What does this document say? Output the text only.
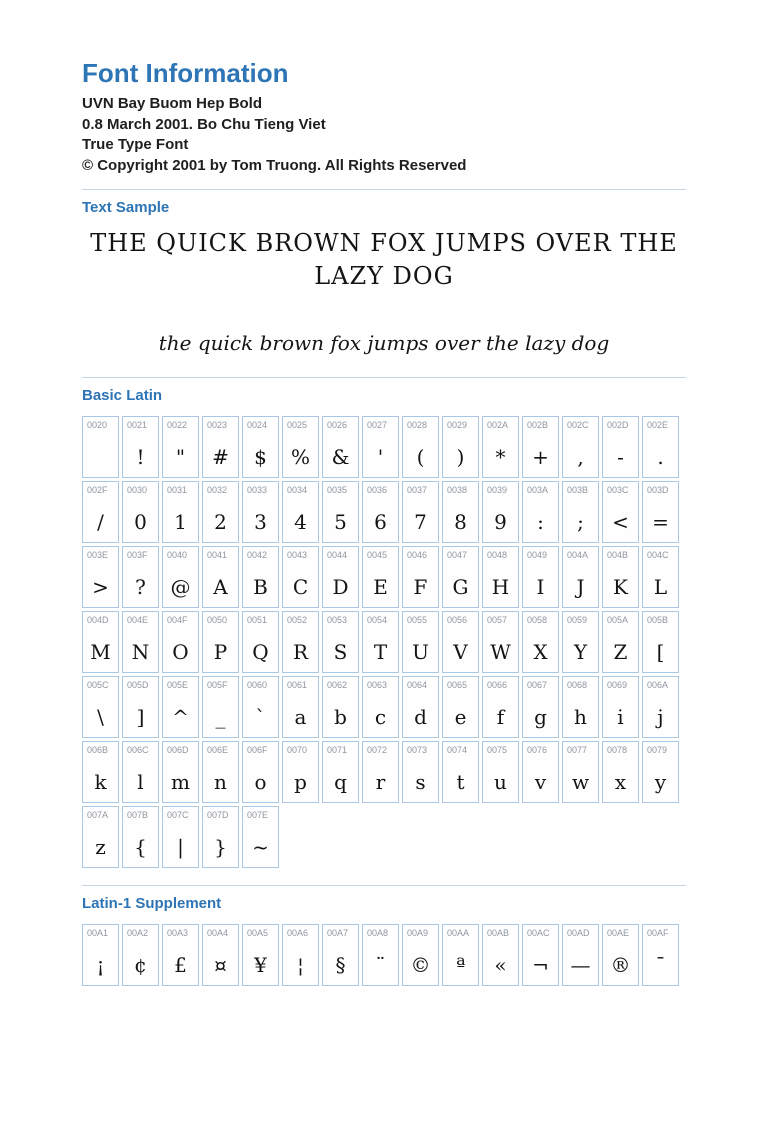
Font Information

UVN Bay Buom Hep Bold

0.8 March 2001. Bo Chu Tieng Viet

True Type Font

© Copyright 2001 by Tom Truong. All Rights Reserved

Text Sample

THE QUICK BROWN FOX JUMPS OVER THE LAZY DOG

the quick brown fox jumps over the lazy dog

Basic Latin
0020
0021
!
0022
"
0023
#
0024
$
0025
%
0026
&
0027
'
0028
(
0029
)
002A
*
002B
+
002C
,
002D
-
002E
.
002F
/
0030
0
0031
1
0032
2
0033
3
0034
4
0035
5
0036
6
0037
7
0038
8
0039
9
003A
:
003B
;
003C
<
003D
=
003E
>
003F
?
0040
@
0041
A
0042
B
0043
C
0044
D
0045
E
0046
F
0047
G
0048
H
0049
I
004A
J
004B
K
004C
L
004D
M
004E
N
004F
O
0050
P
0051
Q
0052
R
0053
S
0054
T
0055
U
0056
V
0057
W
0058
X
0059
Y
005A
Z
005B
[
005C
\
005D
]
005E
^
005F
_
0060
`
0061
a
0062
b
0063
c
0064
d
0065
e
0066
f
0067
g
0068
h
0069
i
006A
j
006B
k
006C
l
006D
m
006E
n
006F
o
0070
p
0071
q
0072
r
0073
s
0074
t
0075
u
0076
v
0077
w
0078
x
0079
y
007A
z
007B
{
007C
|
007D
}
007E
~
Latin-1 Supplement
00A1
¡
00A2
¢
00A3
£
00A4
¤
00A5
¥
00A6
¦
00A7
§
00A8
¨
00A9
©
00AA
ª
00AB
«
00AC
¬
00AD
—
00AE
®
00AF
¯
